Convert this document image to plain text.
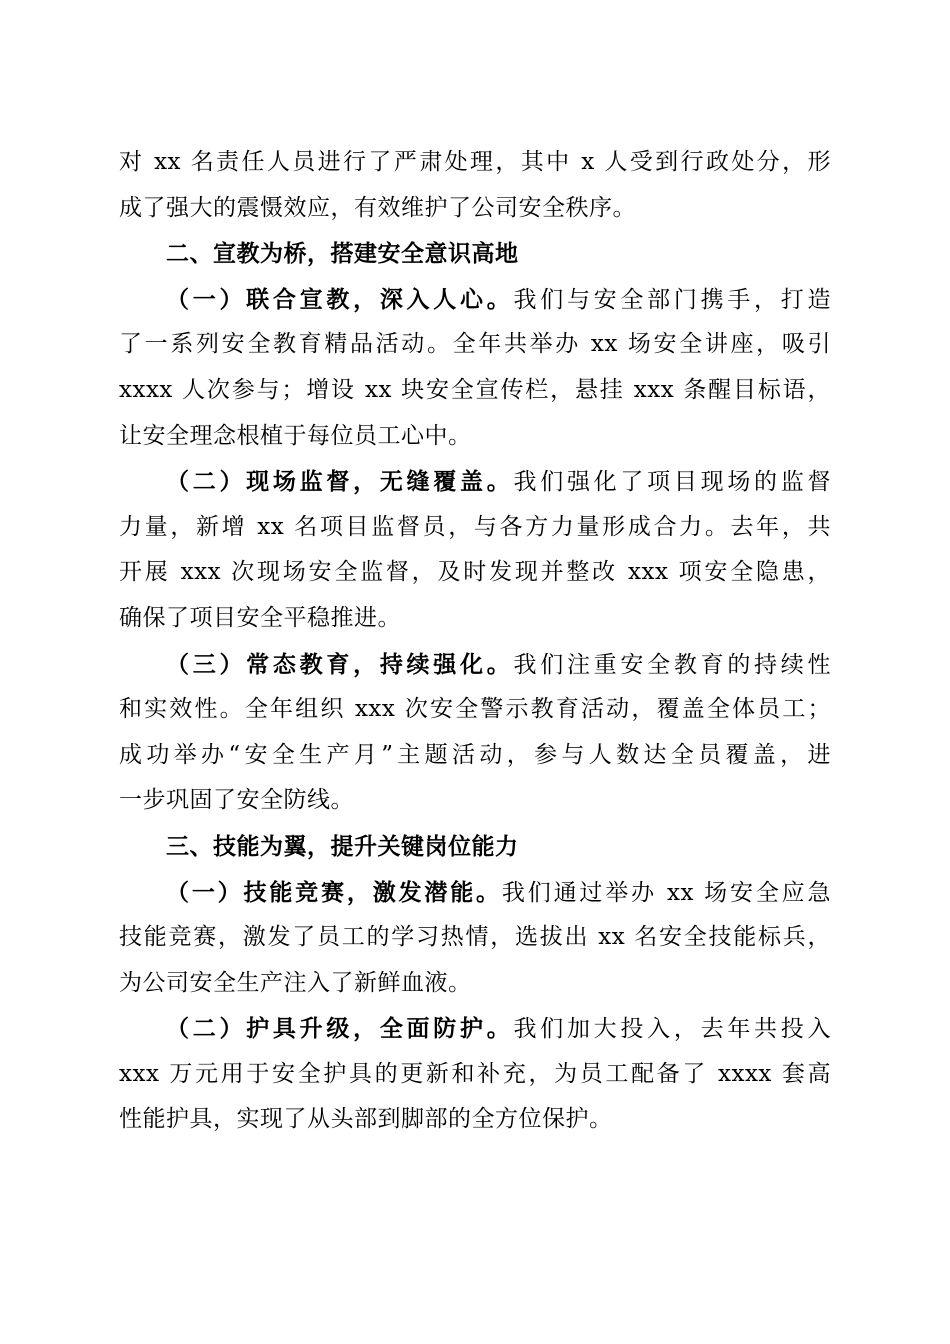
对 xx 名责任人员进行了严肃处理，其中 x 人受到行政处分，形
成了强大的震慑效应，有效维护了公司安全秩序。
二、宣教为桥，搭建安全意识高地
（一）联合宣教，深入人心。我们与安全部门携手，打造
了一系列安全教育精品活动。全年共举办 xx 场安全讲座，吸引
xxxx 人次参与；增设 xx 块安全宣传栏，悬挂 xxx 条醒目标语，
让安全理念根植于每位员工心中。
（二）现场监督，无缝覆盖。我们强化了项目现场的监督
力量，新增 xx 名项目监督员，与各方力量形成合力。去年，共
开展 xxx 次现场安全监督，及时发现并整改 xxx 项安全隐患，
确保了项目安全平稳推进。
（三）常态教育，持续强化。我们注重安全教育的持续性
和实效性。全年组织 xxx 次安全警示教育活动，覆盖全体员工；
成功举办“安全生产月”主题活动，参与人数达全员覆盖，进
一步巩固了安全防线。
三、技能为翼，提升关键岗位能力
（一）技能竞赛，激发潜能。我们通过举办 xx 场安全应急
技能竞赛，激发了员工的学习热情，选拔出 xx 名安全技能标兵，
为公司安全生产注入了新鲜血液。
（二）护具升级，全面防护。我们加大投入，去年共投入
xxx 万元用于安全护具的更新和补充，为员工配备了 xxxx 套高
性能护具，实现了从头部到脚部的全方位保护。
